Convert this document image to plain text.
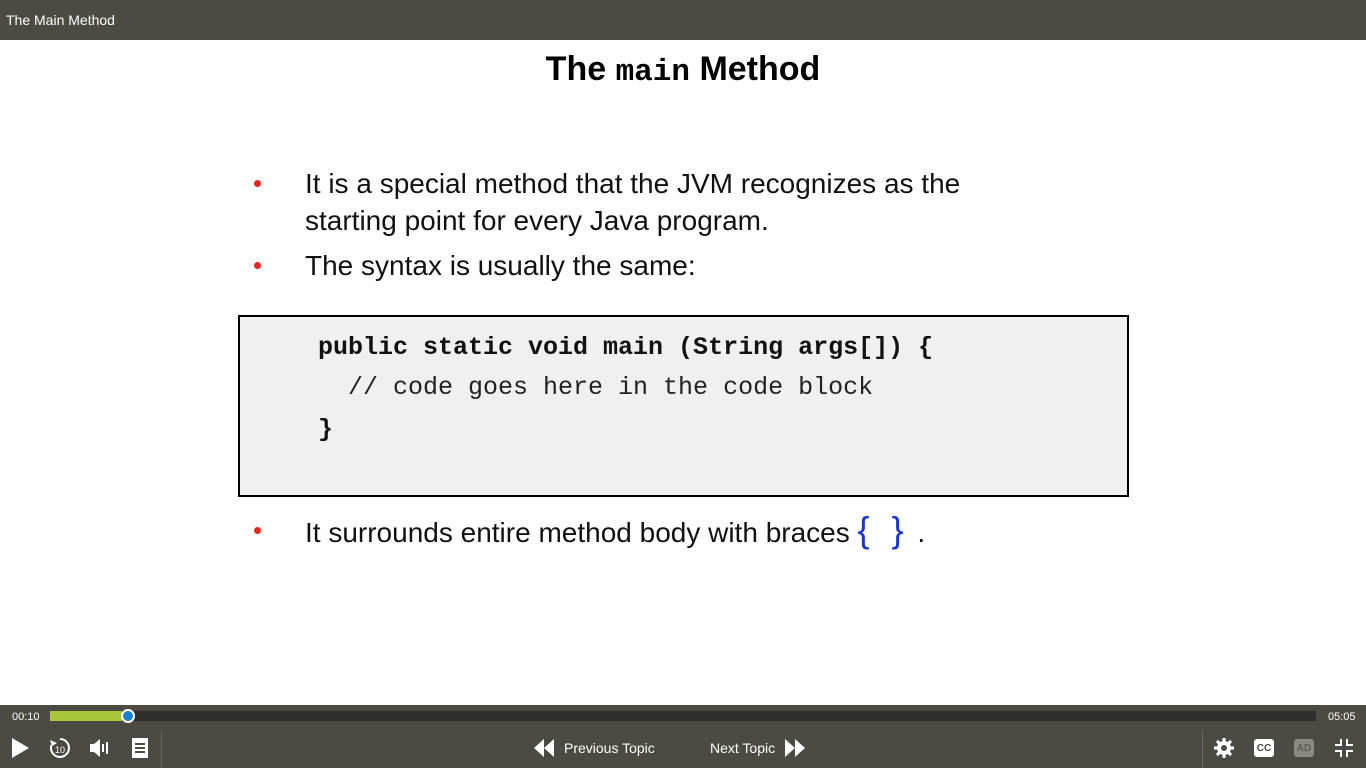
The Main Method
The main Method
It is a special method that the JVM recognizes as the
starting point for every Java program.
The syntax is usually the same:
public static void main (String args[]) {
// code goes here in the code block
}
It surrounds entire method body with braces { } .
00:10	05:05
10	Previous Topic	Next Topic	CC	AD
